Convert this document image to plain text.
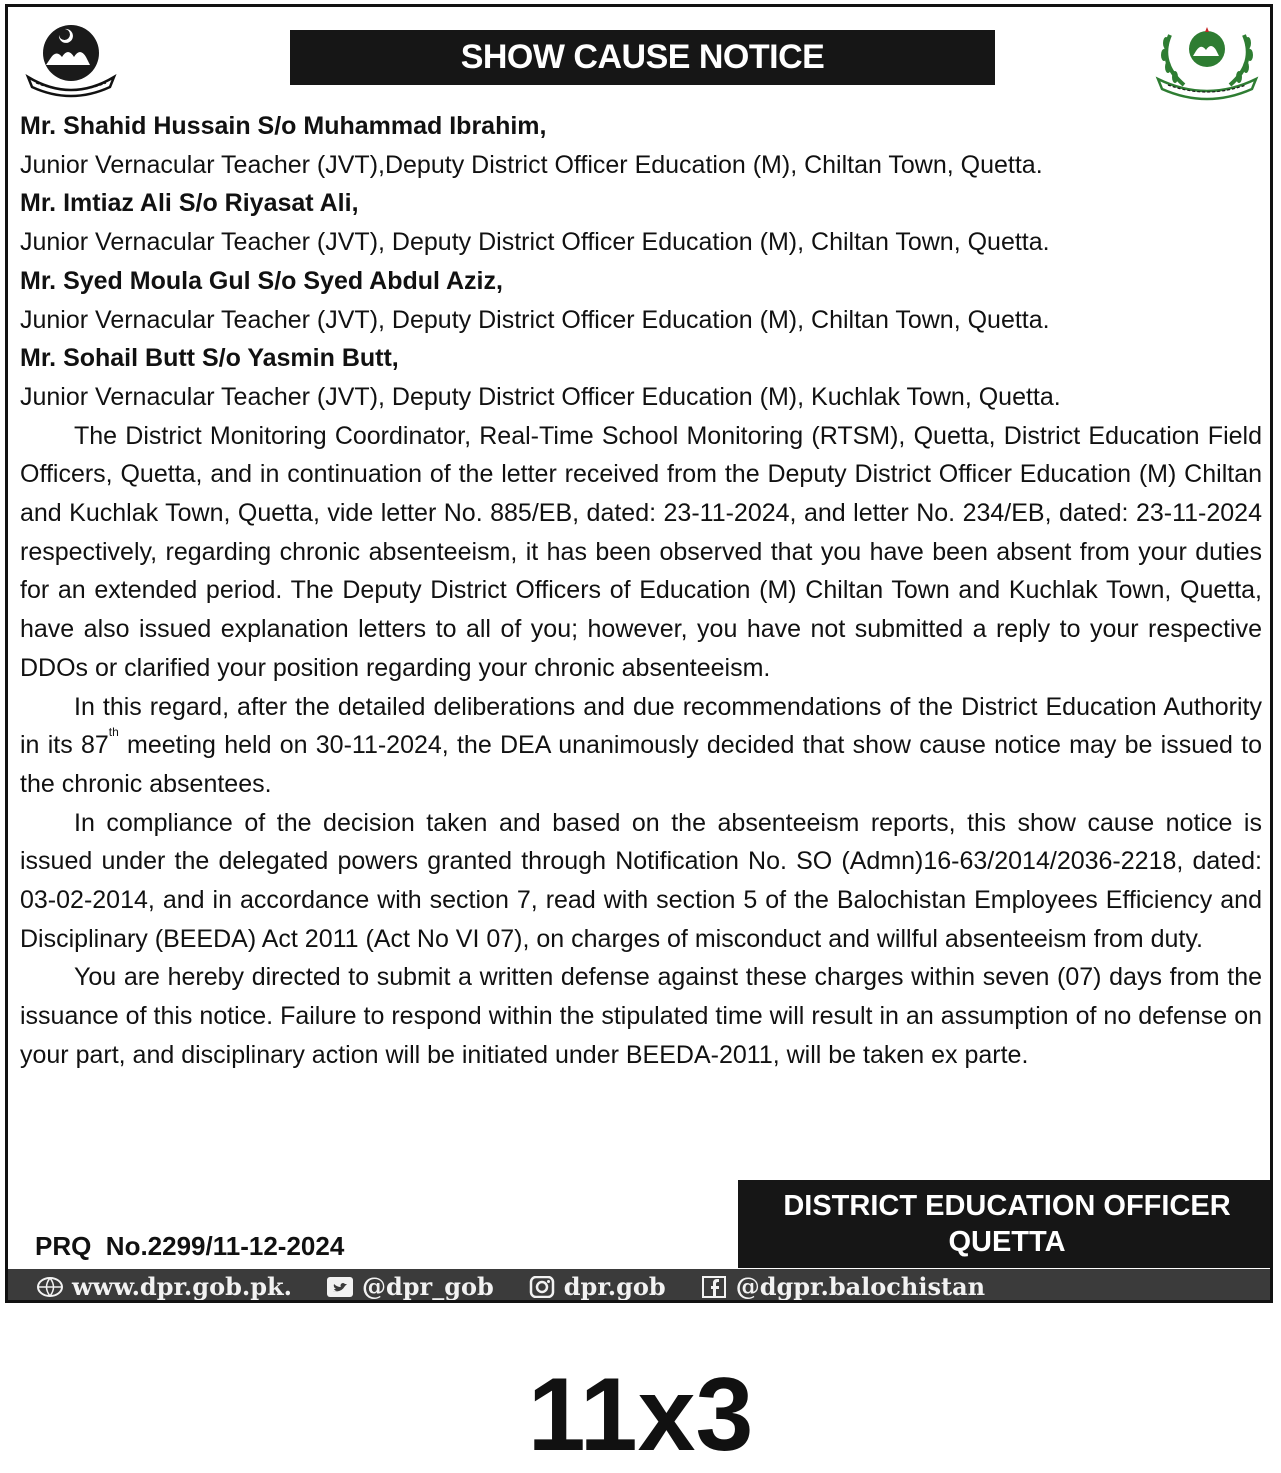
SHOW CAUSE NOTICE

Mr. Shahid Hussain S/o Muhammad Ibrahim,

Junior Vernacular Teacher (JVT),Deputy District Officer Education (M), Chiltan Town, Quetta.

Mr. Imtiaz Ali S/o Riyasat Ali,

Junior Vernacular Teacher (JVT), Deputy District Officer Education (M), Chiltan Town, Quetta.

Mr. Syed Moula Gul S/o Syed Abdul Aziz,

Junior Vernacular Teacher (JVT), Deputy District Officer Education (M), Chiltan Town, Quetta.

Mr. Sohail Butt S/o Yasmin Butt,

Junior Vernacular Teacher (JVT), Deputy District Officer Education (M), Kuchlak Town, Quetta.

The District Monitoring Coordinator, Real-Time School Monitoring (RTSM), Quetta, District Education Field Officers, Quetta, and in continuation of the letter received from the Deputy District Officer Education (M) Chiltan and Kuchlak Town, Quetta, vide letter No. 885/EB, dated: 23-11-2024, and letter No. 234/EB, dated: 23-11-2024 respectively, regarding chronic absenteeism, it has been observed that you have been absent from your duties for an extended period. The Deputy District Officers of Education (M) Chiltan Town and Kuchlak Town, Quetta, have also issued explanation letters to all of you; however, you have not submitted a reply to your respective DDOs or clarified your position regarding your chronic absenteeism.

In this regard, after the detailed deliberations and due recommendations of the District Education Authority in its 87th meeting held on 30-11-2024, the DEA unanimously decided that show cause notice may be issued to the chronic absentees.

In compliance of the decision taken and based on the absenteeism reports, this show cause notice is issued under the delegated powers granted through Notification No. SO (Admn)16-63/2014/2036-2218, dated: 03-02-2014, and in accordance with section 7, read with section 5 of the Balochistan Employees Efficiency and Disciplinary (BEEDA) Act 2011 (Act No VI 07), on charges of misconduct and willful absenteeism from duty.

You are hereby directed to submit a written defense against these charges within seven (07) days from the issuance of this notice. Failure to respond within the stipulated time will result in an assumption of no defense on your part, and disciplinary action will be initiated under BEEDA-2011, will be taken ex parte.

DISTRICT EDUCATION OFFICER
QUETTA
PRQ  No.2299/11-12-2024
www.dpr.gob.pk.	@dpr_gob	dpr.gob	@dgpr.balochistan
11x3
